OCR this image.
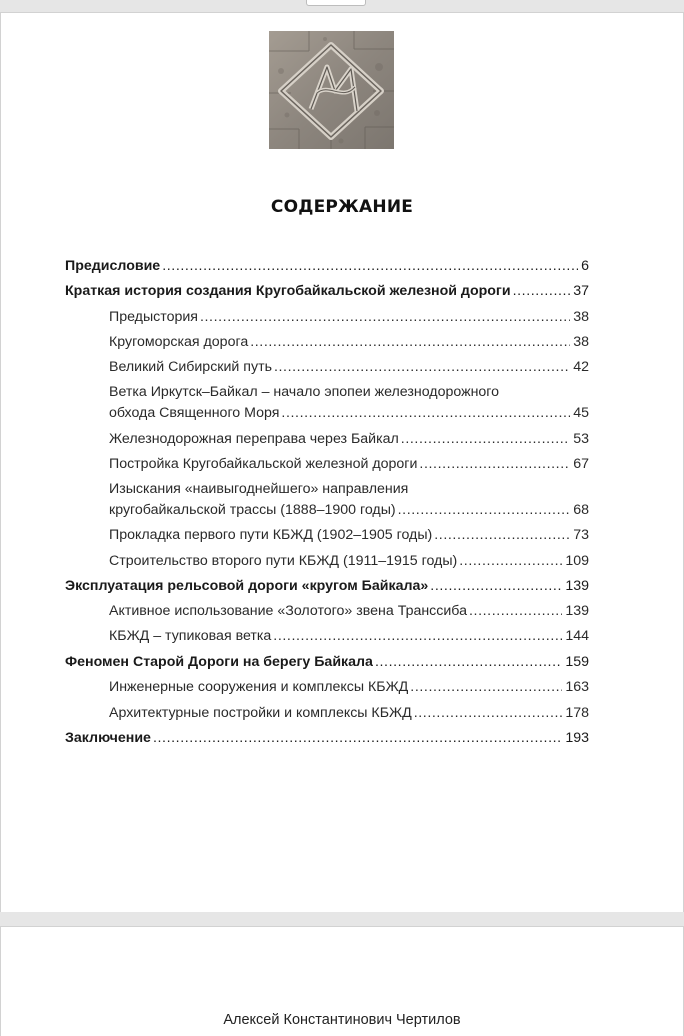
СОДЕРЖАНИЕ
Предисловие .....	6
Краткая история создания Кругобайкальской железной дороги .....	37
Предыстория .....	38
Кругоморская дорога .....	38
Великий Сибирский путь .....	42
Ветка Иркутск–Байкал – начало эпопеи железнодорожного
обхода Священного Моря .....	45
Железнодорожная переправа через Байкал .....	53
Постройка Кругобайкальской железной дороги .....	67
Изыскания «наивыгоднейшего» направления
кругобайкальской трассы (1888–1900 годы) .....	68
Прокладка первого пути КБЖД (1902–1905 годы) .....	73
Строительство второго пути КБЖД (1911–1915 годы) .....	109
Эксплуатация рельсовой дороги «кругом Байкала» .....	139
Активное использование «Золотого» звена Транссиба .....	139
КБЖД – тупиковая ветка .....	144
Феномен Старой Дороги на берегу Байкала .....	159
Инженерные сооружения и комплексы КБЖД .....	163
Архитектурные постройки и комплексы КБЖД .....	178
Заключение .....	193
Алексей Константинович Чертилов
